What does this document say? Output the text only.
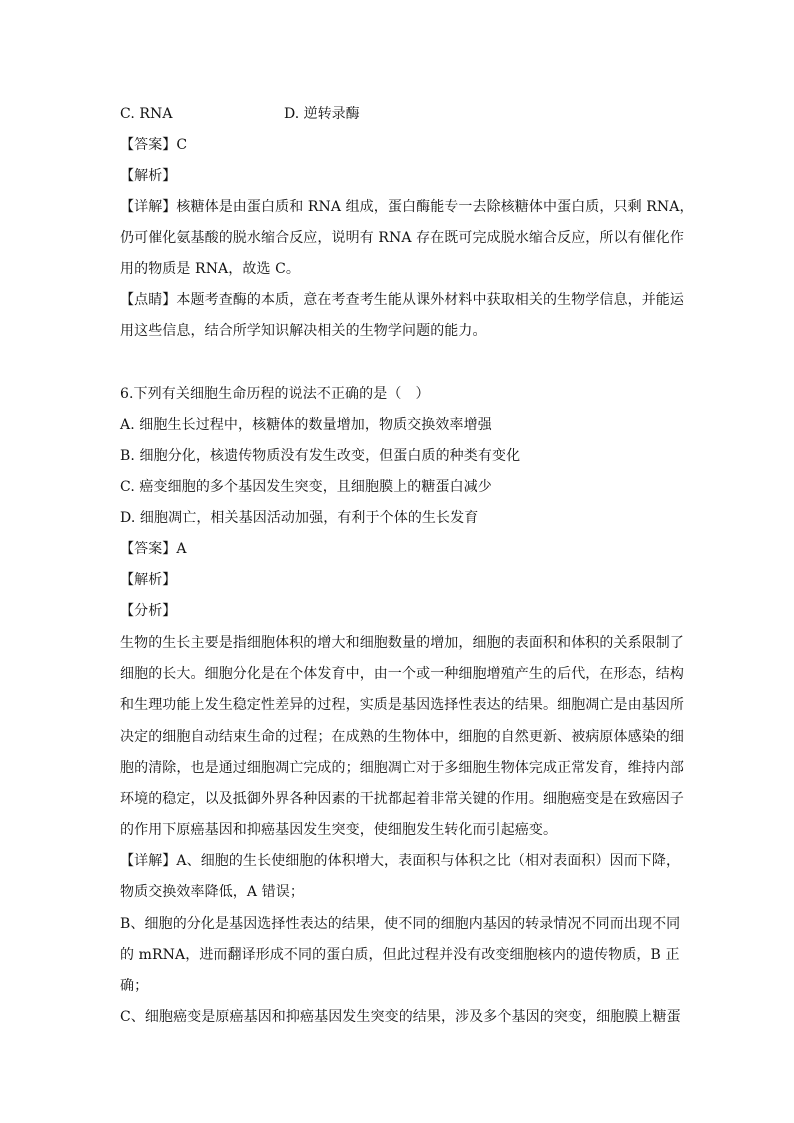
C. RNA	D. 逆转录酶
【答案】C
【解析】
【详解】核糖体是由蛋白质和 RNA 组成，蛋白酶能专一去除核糖体中蛋白质，只剩 RNA，
仍可催化氨基酸的脱水缩合反应，说明有 RNA 存在既可完成脱水缩合反应，所以有催化作
用的物质是 RNA，故选 C。
【点睛】本题考查酶的本质，意在考查考生能从课外材料中获取相关的生物学信息，并能运
用这些信息，结合所学知识解决相关的生物学问题的能力。
6.下列有关细胞生命历程的说法不正确的是（　）
A. 细胞生长过程中，核糖体的数量增加，物质交换效率增强
B. 细胞分化，核遗传物质没有发生改变，但蛋白质的种类有变化
C. 癌变细胞的多个基因发生突变，且细胞膜上的糖蛋白减少
D. 细胞凋亡，相关基因活动加强，有利于个体的生长发育
【答案】A
【解析】
【分析】
生物的生长主要是指细胞体积的增大和细胞数量的增加，细胞的表面积和体积的关系限制了
细胞的长大。细胞分化是在个体发育中，由一个或一种细胞增殖产生的后代，在形态，结构
和生理功能上发生稳定性差异的过程，实质是基因选择性表达的结果。细胞凋亡是由基因所
决定的细胞自动结束生命的过程；在成熟的生物体中，细胞的自然更新、被病原体感染的细
胞的清除，也是通过细胞凋亡完成的；细胞凋亡对于多细胞生物体完成正常发育，维持内部
环境的稳定，以及抵御外界各种因素的干扰都起着非常关键的作用。细胞癌变是在致癌因子
的作用下原癌基因和抑癌基因发生突变，使细胞发生转化而引起癌变。
【详解】A、细胞的生长使细胞的体积增大，表面积与体积之比（相对表面积）因而下降，
物质交换效率降低，A 错误；
B、细胞的分化是基因选择性表达的结果，使不同的细胞内基因的转录情况不同而出现不同
的 mRNA，进而翻译形成不同的蛋白质，但此过程并没有改变细胞核内的遗传物质，B 正
确；
C、细胞癌变是原癌基因和抑癌基因发生突变的结果，涉及多个基因的突变，细胞膜上糖蛋
